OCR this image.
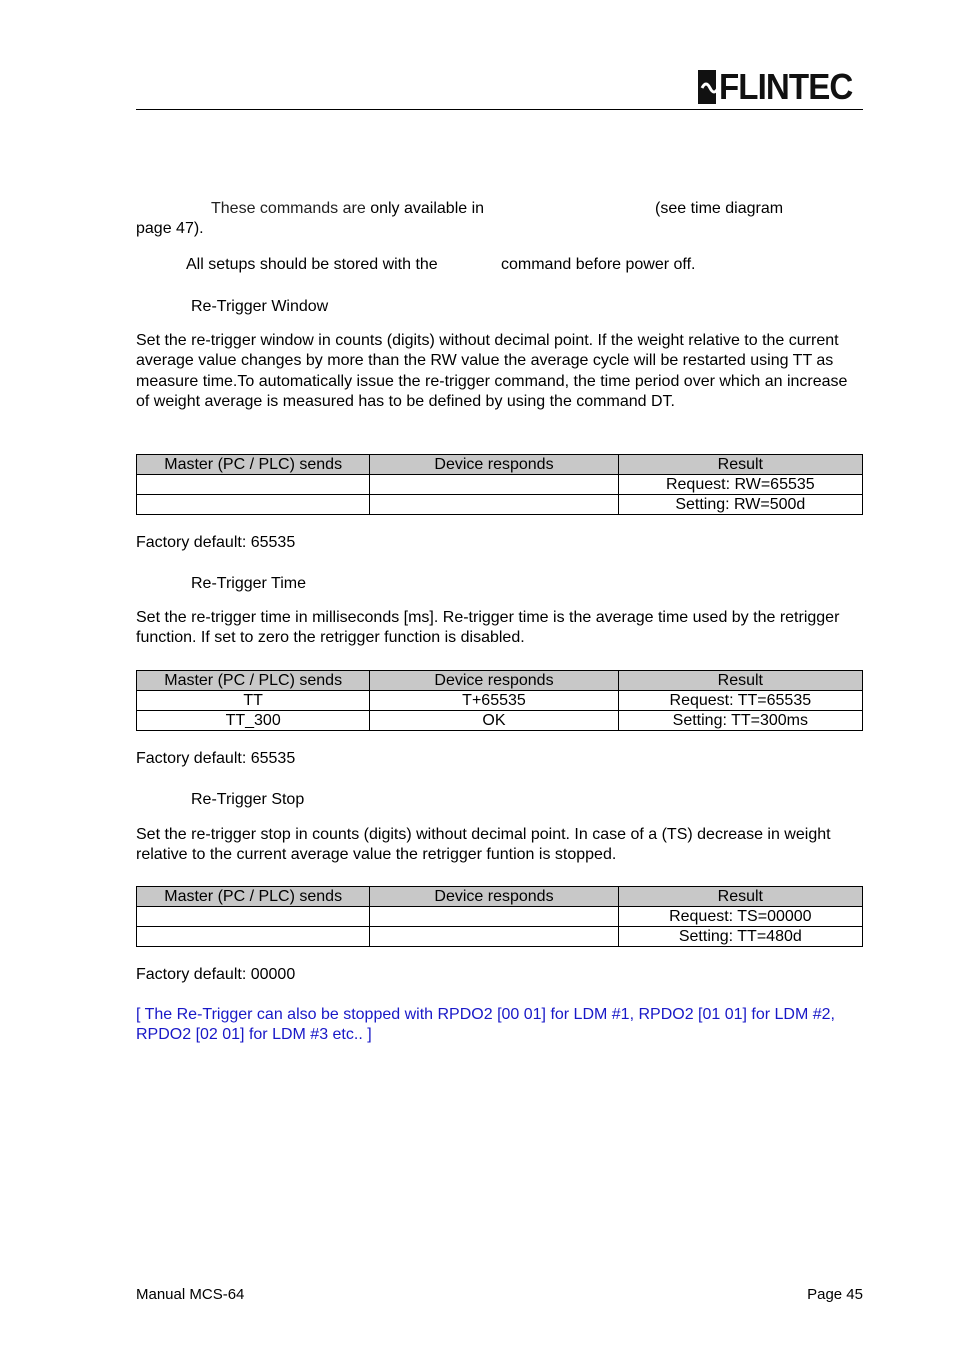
FLINTEC
These commands are only available in	(see time diagram
page 47).
All setups should be stored with the	command before power off.
Re-Trigger Window
Set the re-trigger window in counts (digits) without decimal point. If the weight relative to the current average value changes by more than the RW value the average cycle will be restarted using TT as measure time.To automatically issue the re-trigger command, the time period over which an increase of weight average is measured has to be defined by using the command DT.
Master (PC / PLC) sends	Device responds	Result
		Request: RW=65535
		Setting: RW=500d
Factory default: 65535
Re-Trigger Time
Set the re-trigger time in milliseconds [ms]. Re-trigger time is the average time used by the retrigger function. If set to zero the retrigger function is disabled.
Master (PC / PLC) sends	Device responds	Result
TT	T+65535	Request: TT=65535
TT_300	OK	Setting: TT=300ms
Factory default: 65535
Re-Trigger Stop
Set the re-trigger stop in counts (digits) without decimal point. In case of a (TS) decrease in weight relative to the current average value the retrigger funtion is stopped.
Master (PC / PLC) sends	Device responds	Result
		Request: TS=00000
		Setting: TT=480d
Factory default: 00000
[ The Re-Trigger can also be stopped with RPDO2 [00 01] for LDM #1, RPDO2 [01 01] for LDM #2, RPDO2 [02 01] for LDM #3 etc.. ]
Manual MCS-64	Page 45
